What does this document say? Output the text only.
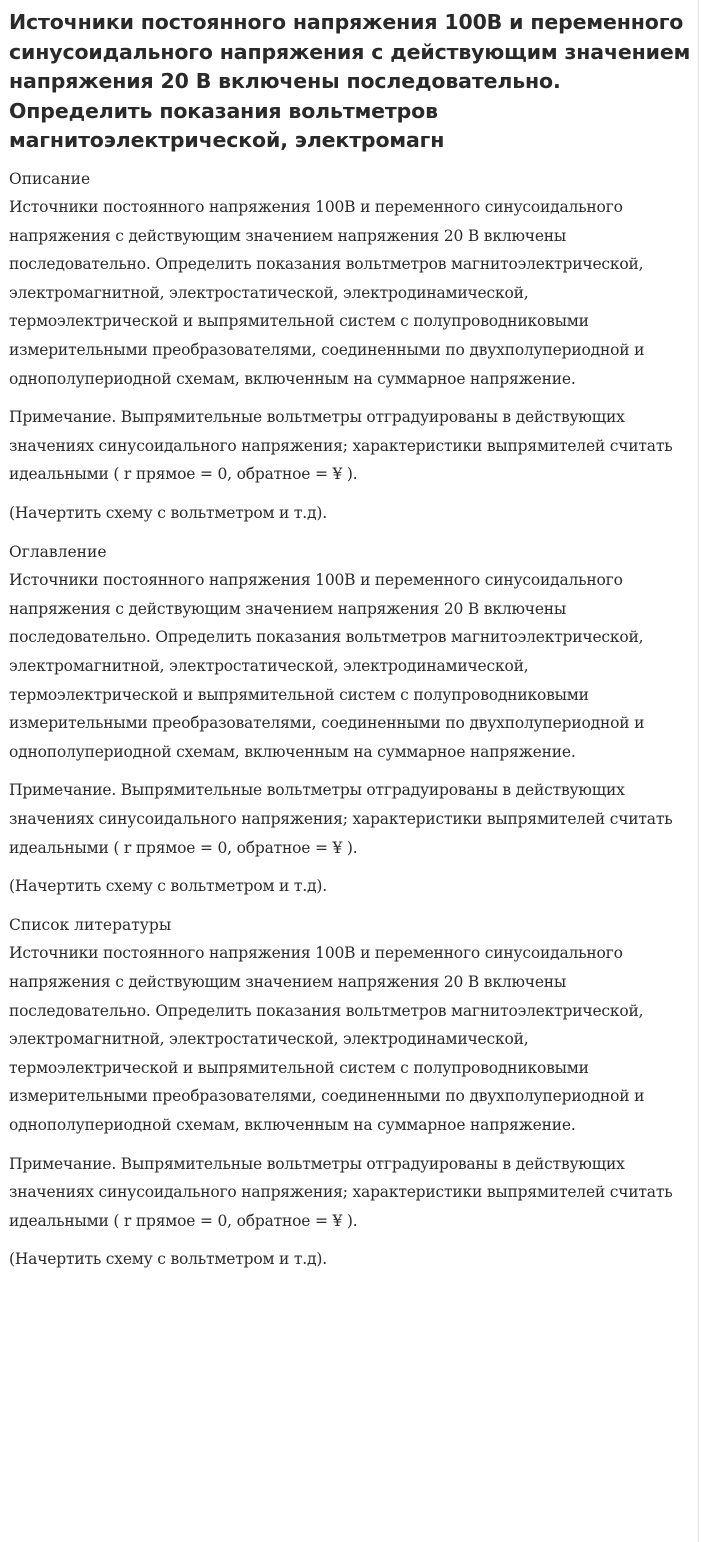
Источники постоянного напряжения 100В и переменного синусоидального напряжения с действующим значением напряжения 20 В включены последовательно. Определить показания вольтметров магнитоэлектрической, электромагн
Описание

Источники постоянного напряжения 100В и переменного синусоидального напряжения с действующим значением напряжения 20 В включены последовательно. Определить показания вольтметров магнитоэлектрической, электромагнитной, электростатической, электродинамической, термоэлектрической и выпрямительной систем с полупроводниковыми измерительными преобразователями, соединенными по двухполупериодной и однополупериодной схемам, включенным на суммарное напряжение.

Примечание. Выпрямительные вольтметры отградуированы в действующих значениях синусоидального напряжения; характеристики выпрямителей считать идеальными ( r прямое = 0, обратное = ¥ ).

(Начертить схему с вольтметром и т.д).

Оглавление

Источники постоянного напряжения 100В и переменного синусоидального напряжения с действующим значением напряжения 20 В включены последовательно. Определить показания вольтметров магнитоэлектрической, электромагнитной, электростатической, электродинамической, термоэлектрической и выпрямительной систем с полупроводниковыми измерительными преобразователями, соединенными по двухполупериодной и однополупериодной схемам, включенным на суммарное напряжение.

Примечание. Выпрямительные вольтметры отградуированы в действующих значениях синусоидального напряжения; характеристики выпрямителей считать идеальными ( r прямое = 0, обратное = ¥ ).

(Начертить схему с вольтметром и т.д).

Список литературы

Источники постоянного напряжения 100В и переменного синусоидального напряжения с действующим значением напряжения 20 В включены последовательно. Определить показания вольтметров магнитоэлектрической, электромагнитной, электростатической, электродинамической, термоэлектрической и выпрямительной систем с полупроводниковыми измерительными преобразователями, соединенными по двухполупериодной и однополупериодной схемам, включенным на суммарное напряжение.

Примечание. Выпрямительные вольтметры отградуированы в действующих значениях синусоидального напряжения; характеристики выпрямителей считать идеальными ( r прямое = 0, обратное = ¥ ).

(Начертить схему с вольтметром и т.д).
